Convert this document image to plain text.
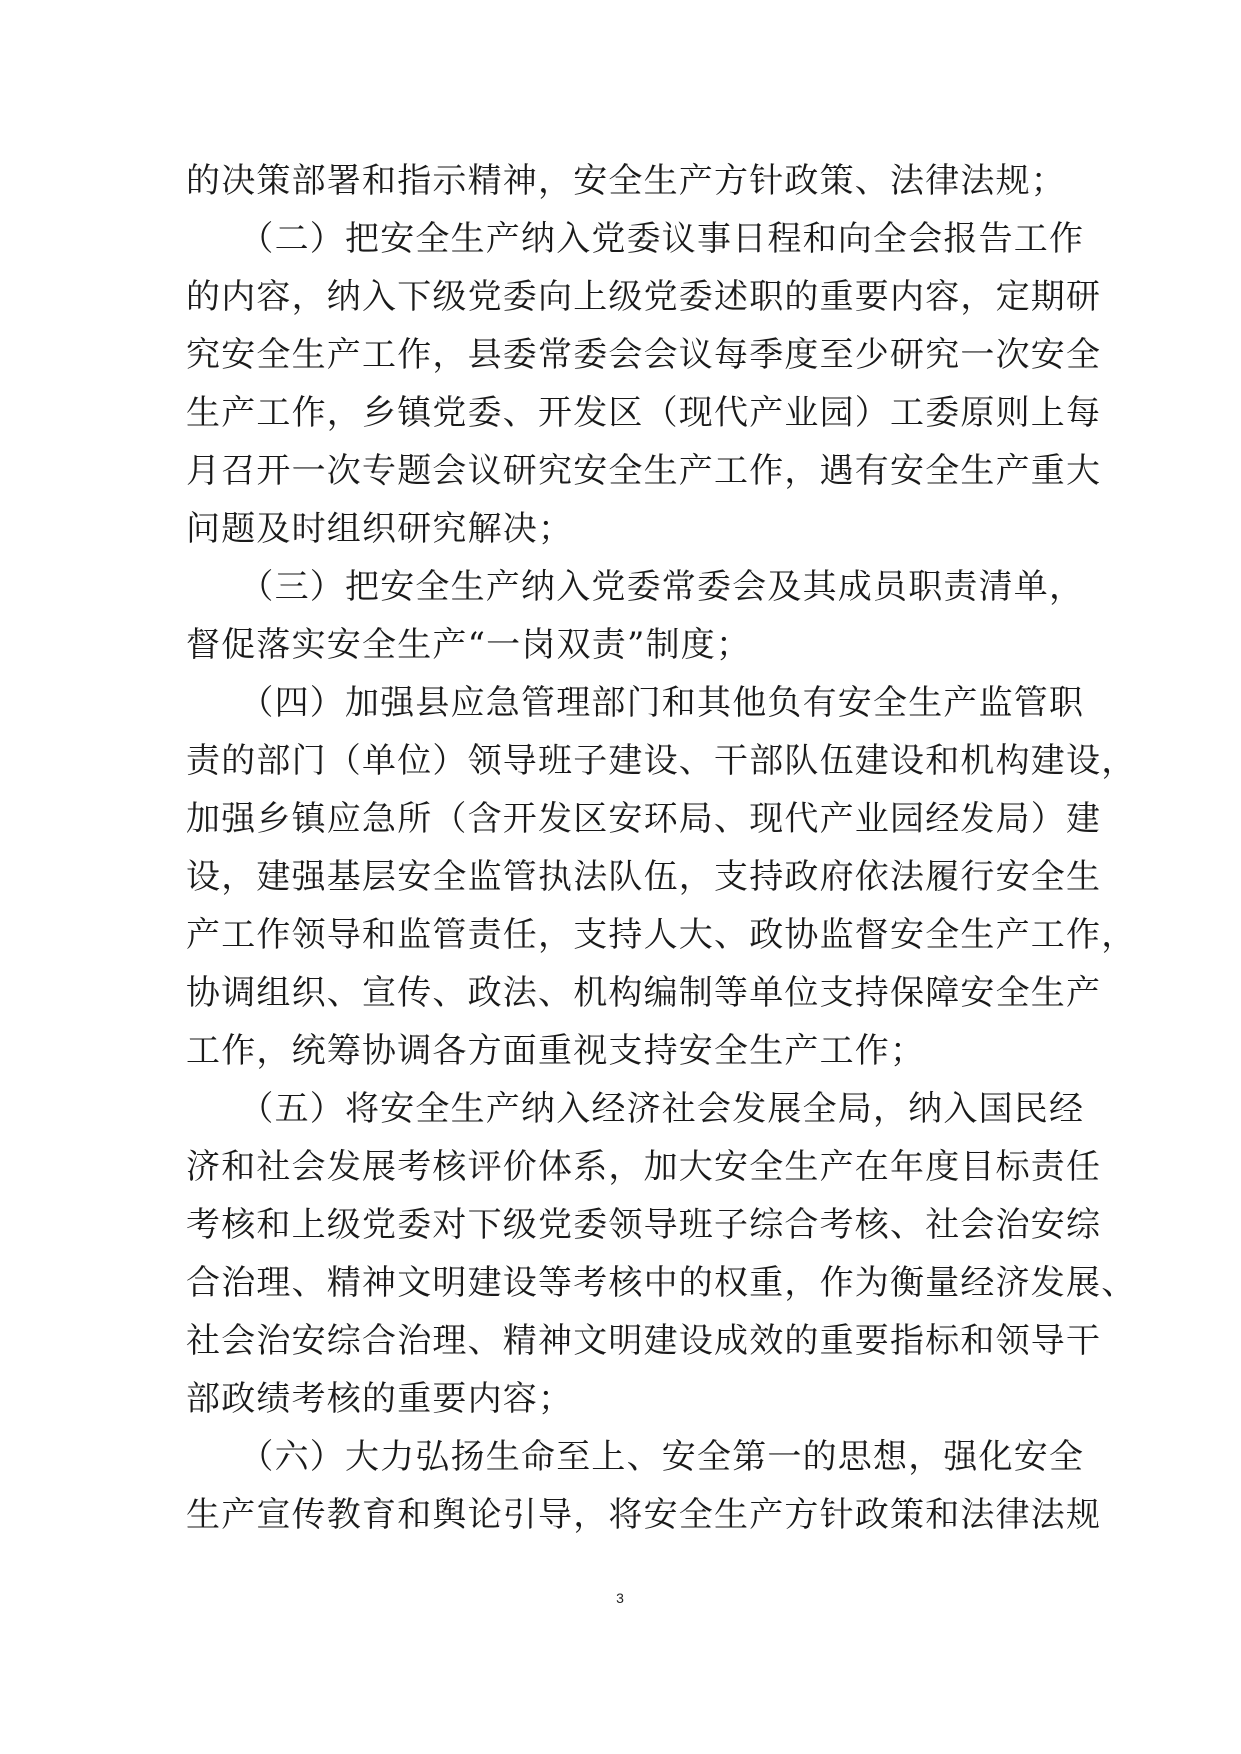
的决策部署和指示精神，安全生产方针政策、法律法规；
　　（二）把安全生产纳入党委议事日程和向全会报告工作
的内容，纳入下级党委向上级党委述职的重要内容，定期研
究安全生产工作，县委常委会会议每季度至少研究一次安全
生产工作，乡镇党委、开发区（现代产业园）工委原则上每
月召开一次专题会议研究安全生产工作，遇有安全生产重大
问题及时组织研究解决；
　　（三）把安全生产纳入党委常委会及其成员职责清单，
督促落实安全生产“一岗双责”制度；
　　（四）加强县应急管理部门和其他负有安全生产监管职
责的部门（单位）领导班子建设、干部队伍建设和机构建设，
加强乡镇应急所（含开发区安环局、现代产业园经发局）建
设，建强基层安全监管执法队伍，支持政府依法履行安全生
产工作领导和监管责任，支持人大、政协监督安全生产工作，
协调组织、宣传、政法、机构编制等单位支持保障安全生产
工作，统筹协调各方面重视支持安全生产工作；
　　（五）将安全生产纳入经济社会发展全局，纳入国民经
济和社会发展考核评价体系，加大安全生产在年度目标责任
考核和上级党委对下级党委领导班子综合考核、社会治安综
合治理、精神文明建设等考核中的权重，作为衡量经济发展、
社会治安综合治理、精神文明建设成效的重要指标和领导干
部政绩考核的重要内容；
　　（六）大力弘扬生命至上、安全第一的思想，强化安全
生产宣传教育和舆论引导，将安全生产方针政策和法律法规
3
